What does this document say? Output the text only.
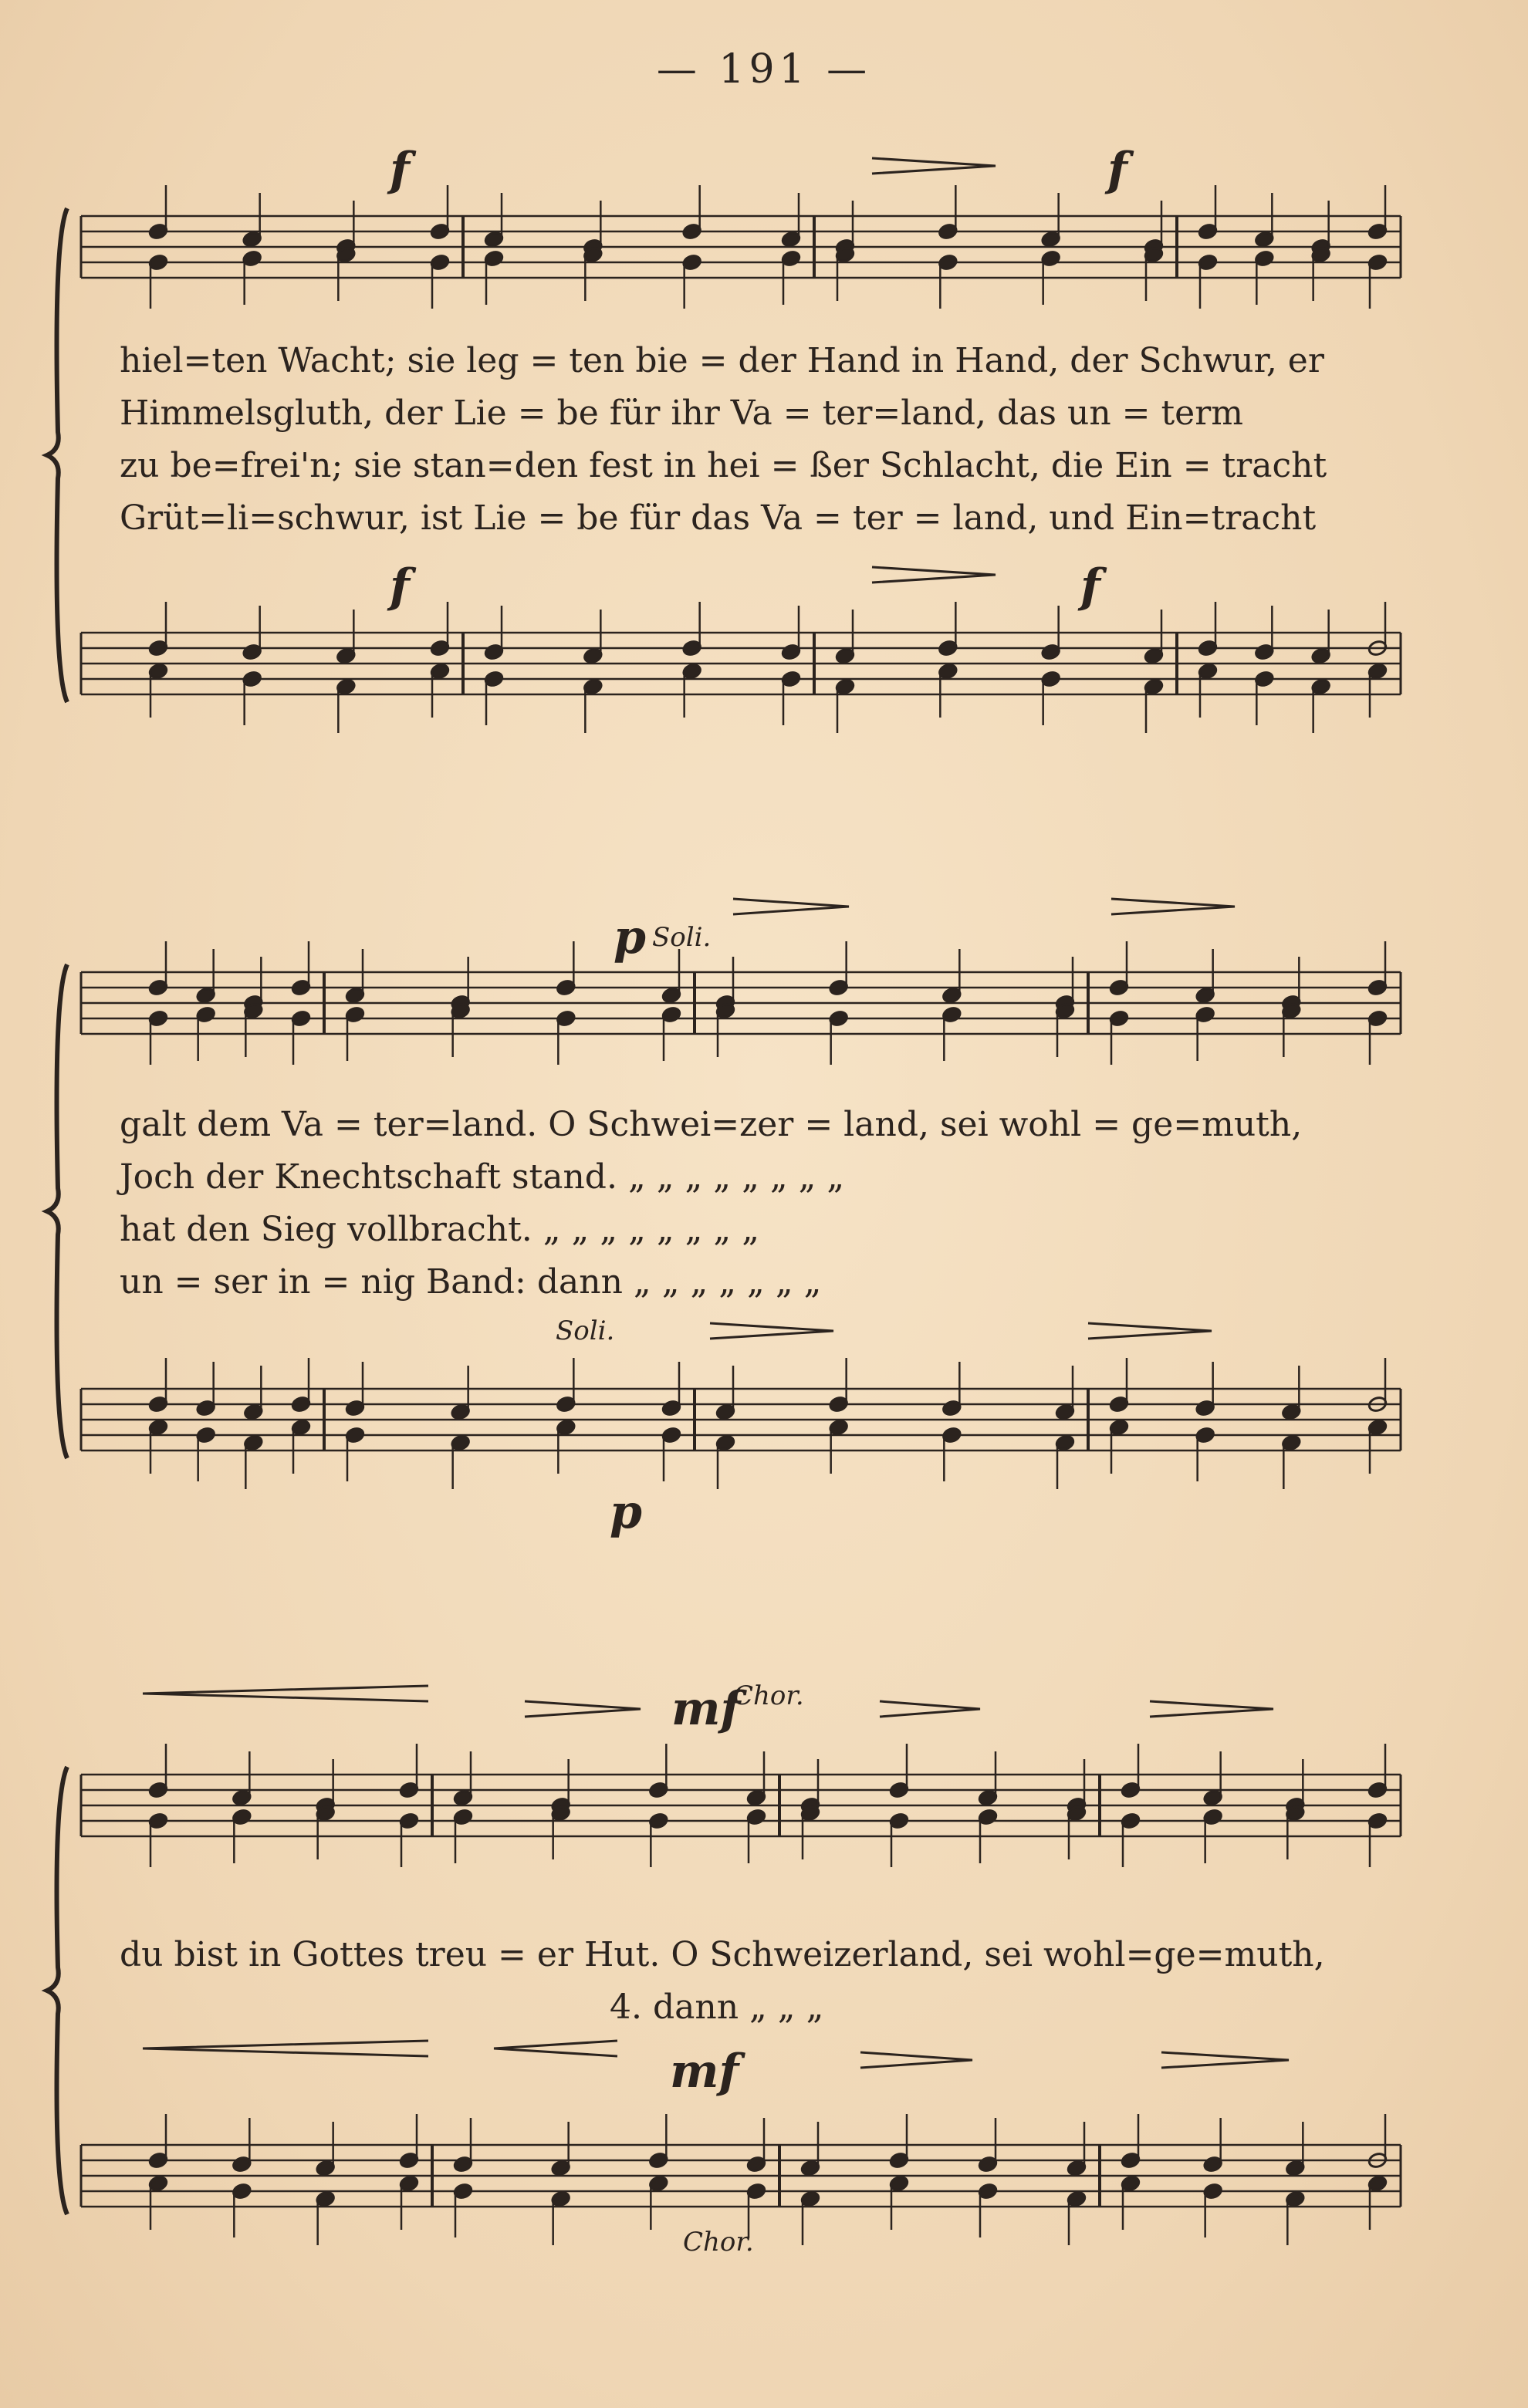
— 191 —
hiel=ten Wacht; sie leg = ten bie = der Hand in Hand, der Schwur, er
Himmelsgluth, der Lie = be für ihr Va = ter=land, das un = term
zu be=frei'n; sie stan=den fest in hei = ßer Schlacht, die Ein = tracht
Grüt=li=schwur, ist Lie = be für das Va = ter = land, und Ein=tracht
galt dem Va = ter=land. O Schwei=zer = land, sei wohl = ge=muth,
Joch der Knechtschaft stand. „ „ „ „ „ „ „ „
hat den Sieg vollbracht. „ „ „ „ „ „ „ „
un = ser in = nig Band: dann „ „ „ „ „ „ „
du bist in Gottes treu = er Hut. O Schweizerland, sei wohl=ge=muth,
4. dann „ „ „
f	f
f	f
p Soli.
Soli.
p
mf
Chor.
mf
Chor.
